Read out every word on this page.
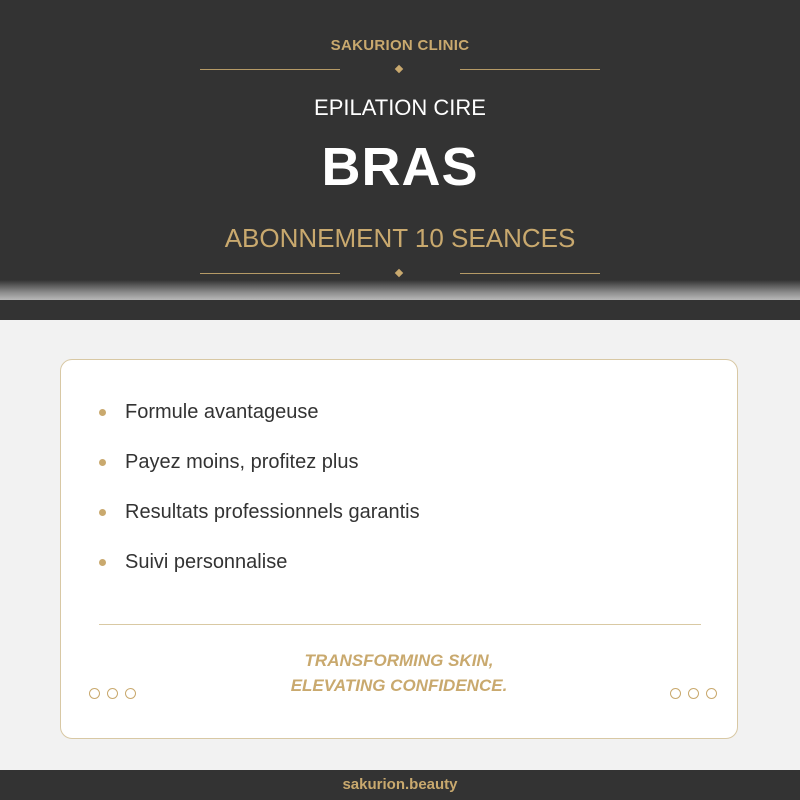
SAKURION CLINIC
EPILATION CIRE
BRAS
ABONNEMENT 10 SEANCES
Formule avantageuse
Payez moins, profitez plus
Resultats professionnels garantis
Suivi personnalise
TRANSFORMING SKIN,
ELEVATING CONFIDENCE.
sakurion.beauty
